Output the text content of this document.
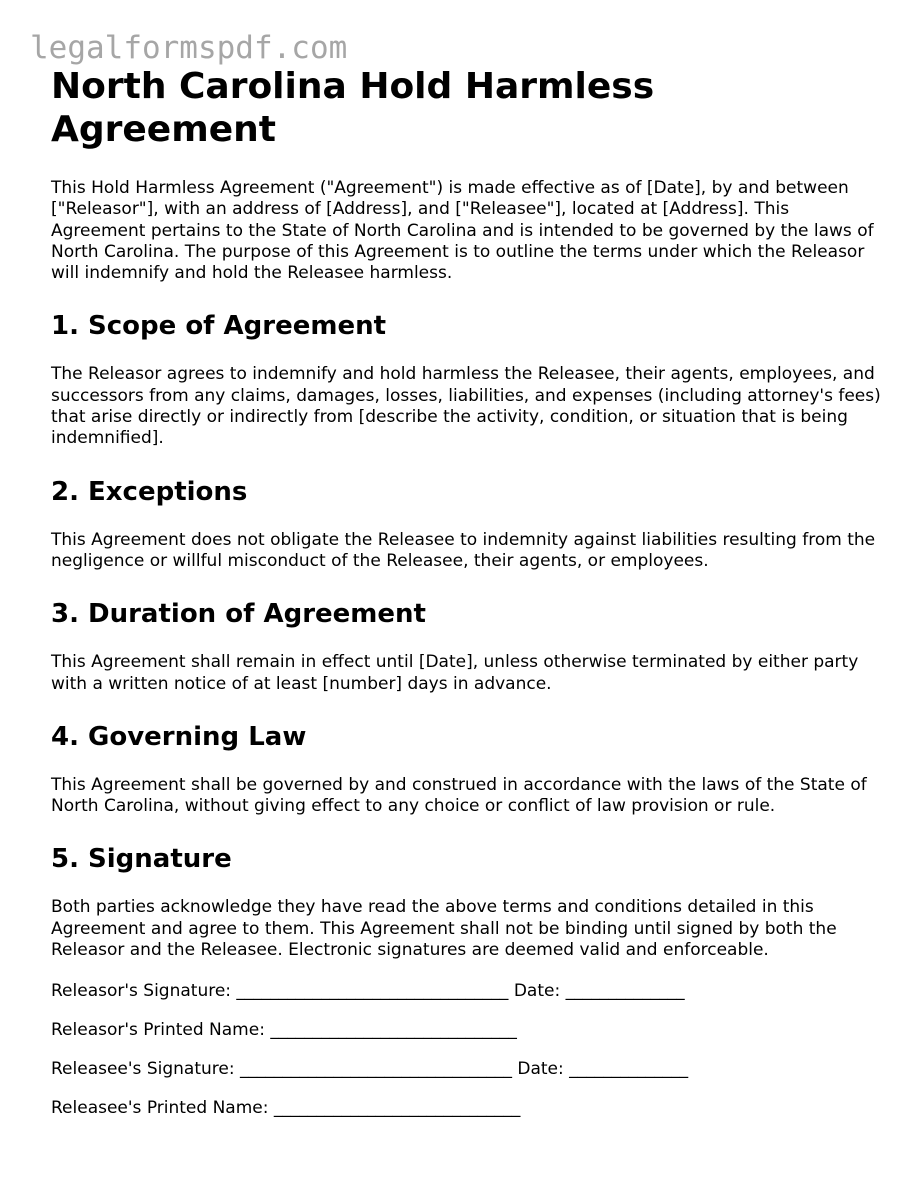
legalformspdf.com
North Carolina Hold Harmless Agreement

This Hold Harmless Agreement ("Agreement") is made effective as of [Date], by and between ["Releasor"], with an address of [Address], and ["Releasee"], located at [Address]. This Agreement pertains to the State of North Carolina and is intended to be governed by the laws of North Carolina. The purpose of this Agreement is to outline the terms under which the Releasor will indemnify and hold the Releasee harmless.

1. Scope of Agreement

The Releasor agrees to indemnify and hold harmless the Releasee, their agents, employees, and successors from any claims, damages, losses, liabilities, and expenses (including attorney's fees) that arise directly or indirectly from [describe the activity, condition, or situation that is being indemnified].

2. Exceptions

This Agreement does not obligate the Releasee to indemnity against liabilities resulting from the negligence or willful misconduct of the Releasee, their agents, or employees.

3. Duration of Agreement

This Agreement shall remain in effect until [Date], unless otherwise terminated by either party with a written notice of at least [number] days in advance.

4. Governing Law

This Agreement shall be governed by and construed in accordance with the laws of the State of North Carolina, without giving effect to any choice or conflict of law provision or rule.

5. Signature

Both parties acknowledge they have read the above terms and conditions detailed in this Agreement and agree to them. This Agreement shall not be binding until signed by both the Releasor and the Releasee. Electronic signatures are deemed valid and enforceable.

Releasor's Signature: ________________________________ Date: ______________
Releasor's Printed Name: _____________________________
Releasee's Signature: ________________________________ Date: ______________
Releasee's Printed Name: _____________________________
